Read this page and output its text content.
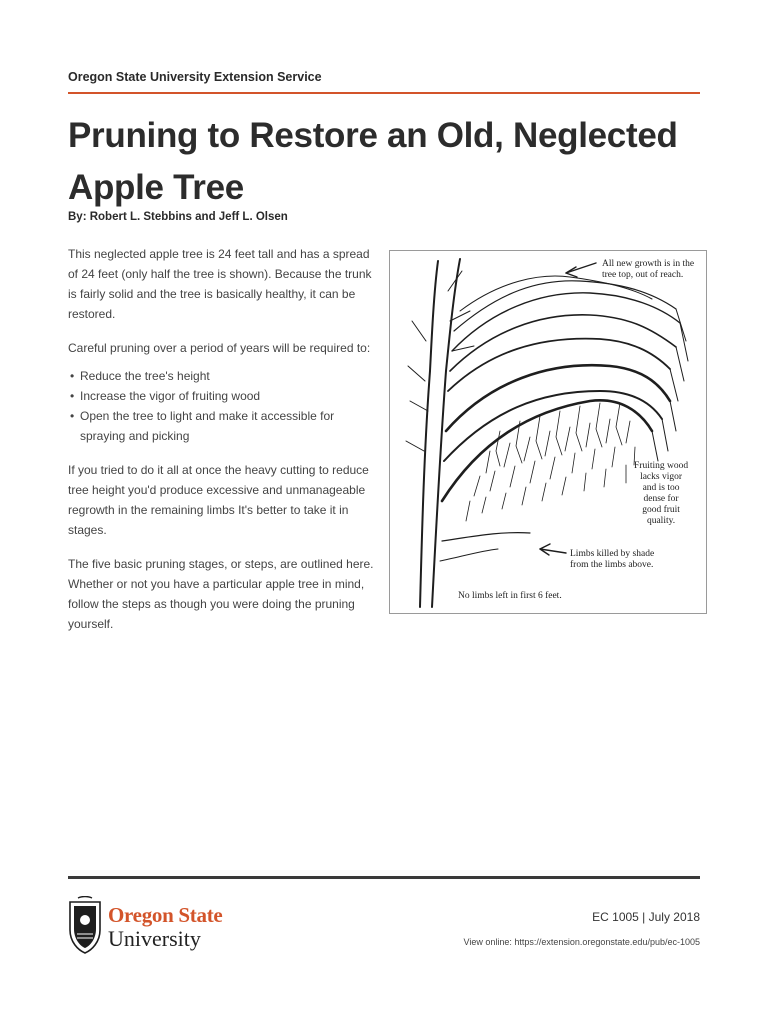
Oregon State University Extension Service
Pruning to Restore an Old, Neglected
Apple Tree
By: Robert L. Stebbins and Jeff L. Olsen

This neglected apple tree is 24 feet tall and has a spread of 24 feet (only half the tree is shown). Because the trunk is fairly solid and the tree is basically healthy, it can be restored.

Careful pruning over a period of years will be required to:

• Reduce the tree's height
• Increase the vigor of fruiting wood
• Open the tree to light and make it accessible for spraying and picking

If you tried to do it all at once the heavy cutting to reduce tree height you'd produce excessive and unmanageable regrowth in the remaining limbs It's better to take it in stages.

The five basic pruning stages, or steps, are outlined here. Whether or not you have a particular apple tree in mind, follow the steps as though you were doing the pruning yourself.

All new growth is in the
tree top, out of reach.
Fruiting wood
lacks vigor
and is too
dense for
good fruit
quality.
Limbs killed by shade
from the limbs above.
No limbs left in first 6 feet.
Oregon State
University
EC 1005 | July 2018
View online: https://extension.oregonstate.edu/pub/ec-1005
